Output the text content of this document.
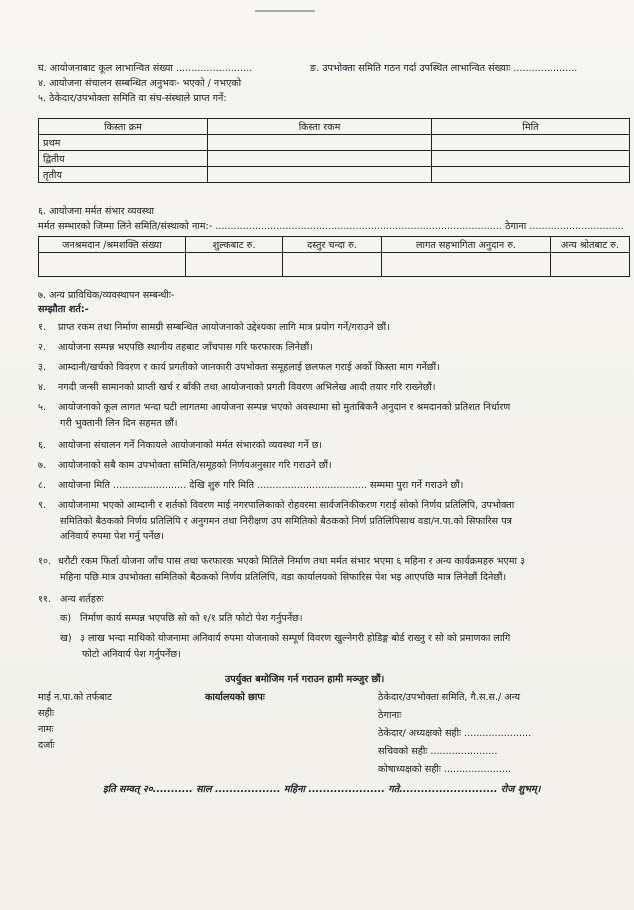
घ. आयोजनाबाट कूल लाभान्वित संख्या .........................	ङ. उपभोक्ता समिति गठन गर्दा उपस्थित लाभान्वित संख्याः .....................
४. आयोजना संचालन सम्बन्धित अनुभवः- भएको / नभएको
५. ठेकेदार/उपभोक्ता समिति वा संघ-संस्थाले प्राप्त गर्ने:
किस्ता क्रम	किस्ता रकम	मिति
प्रथम		
द्वितीय		
तृतीय		
६. आयोजना मर्मत संभार व्यवस्था
मर्मत सम्भारको जिम्मा लिने समिति/संस्थाको नाम:- .............................................................................................. ठेगाना ...............................
जनश्रमदान /श्रमशक्ति संख्या	शुल्कबाट रु.	दस्तुर चन्दा रु.	लागत सहभागिता अनुदान रु.	अन्य श्रोतबाट रु.

७. अन्य प्राविधिक/व्यवस्थापन सम्बन्धीः-
सम्झौता शर्त:-
१. प्राप्त रकम तथा निर्माण सामग्री सम्बन्धित आयोजनाको उद्देश्यका लागि मात्र प्रयोग गर्ने/गराउने छौं।
२. आयोजना सम्पन्न भएपछि स्थानीय तहबाट जाँचपास गरि फरफारक लिनेछौं।
३. आम्दानी/खर्चको विवरण र कार्य प्रगतीको जानकारी उपभोक्ता समूहलाई छलफल गराई अर्को किस्ता माग गर्नेछौं।
४. नगदी जन्सी सामानको प्राप्ती खर्च र बाँकी तथा आयोजनाको प्रगती विवरण अभिलेख आदी तयार गरि राख्नेछौं।
५. आयोजनाको कूल लागत भन्दा घटी लागतमा आयोजना सम्पन्न भएको अवस्थामा सो मुताबिकनै अनुदान र श्रमदानको प्रतिशत निर्धारण
गरी भुक्तानी लिन दिन सहमत छौं।
६. आयोजना संचालन गर्ने निकायले आयोजनाको मर्मत संभारको व्यवस्था गर्ने छ।
७. आयोजनाको सबै काम उपभोक्ता समिति/समूहको निर्णयअनुसार गरि गराउने छौं।
८. आयोजना मिति ........................ देखि शुरु गरि मिति .................................... सम्ममा पुरा गर्ने गराउने छौं।
९. आयोजनामा भएको आम्दानी र शर्तको विवरण माई नगरपालिकाको रोहवरमा सार्वजनिकीकरण गराई सोको निर्णय प्रतिलिपि, उपभोक्ता
समितिको बैठकको निर्णय प्रतिलिपि र अनुगमन तथा निरीक्षण उप समितिको बैठकको निर्ण प्रतिलिपिसाथ वडा/न.पा.को सिफारिस पत्र
अनिवार्य रुपमा पेश गर्नु पर्नेछ।
१०. धरौटी रकम फिर्ता योजना जाँच पास तथा फरफारक भएको मितिले निर्माण तथा मर्मत संभार भएमा ६ महिना र अन्य कार्यक्रमहरु भएमा ३
महिना पछि मात्र उपभोक्ता समितिको बैठकको निर्णय प्रतिलिपि, वडा कार्यालयको सिफारिस पेश भइ आएपछि मात्र लिनेछौं दिनेछौं।
११. अन्य शर्तहरुः
क) निर्माण कार्य सम्पन्न भएपछि सो को १/१ प्रति फोटो पेश गर्नुपर्नेछ।
ख) ३ लाख भन्दा माथिको योजनामा अनिवार्य रुपमा योजनाको सम्पूर्ण विवरण खुल्नेगरी होडिङ्ग बोर्ड राख्नु र सो को प्रमाणका लागि
फोटो अनिवार्य पेश गर्नुपर्नेछ।
उपर्युक्त बमोजिम गर्न गराउन हामी मञ्जुर छौं।
माई न.पा.को तर्फबाट
सहीः
नामः
दर्जाः
कार्यालयको छापः	ठेकेदार/उपभोक्ता समिति, गै.स.स./ अन्य
ठेगानाः
ठेकेदार/ अध्यक्षको सहीः ......................
सचिवको सहीः ......................
कोषाध्यक्षको सहीः ......................
इति सम्वत् २०........... साल .................. महिना ..................... गते........................... रोज शुभम्।
